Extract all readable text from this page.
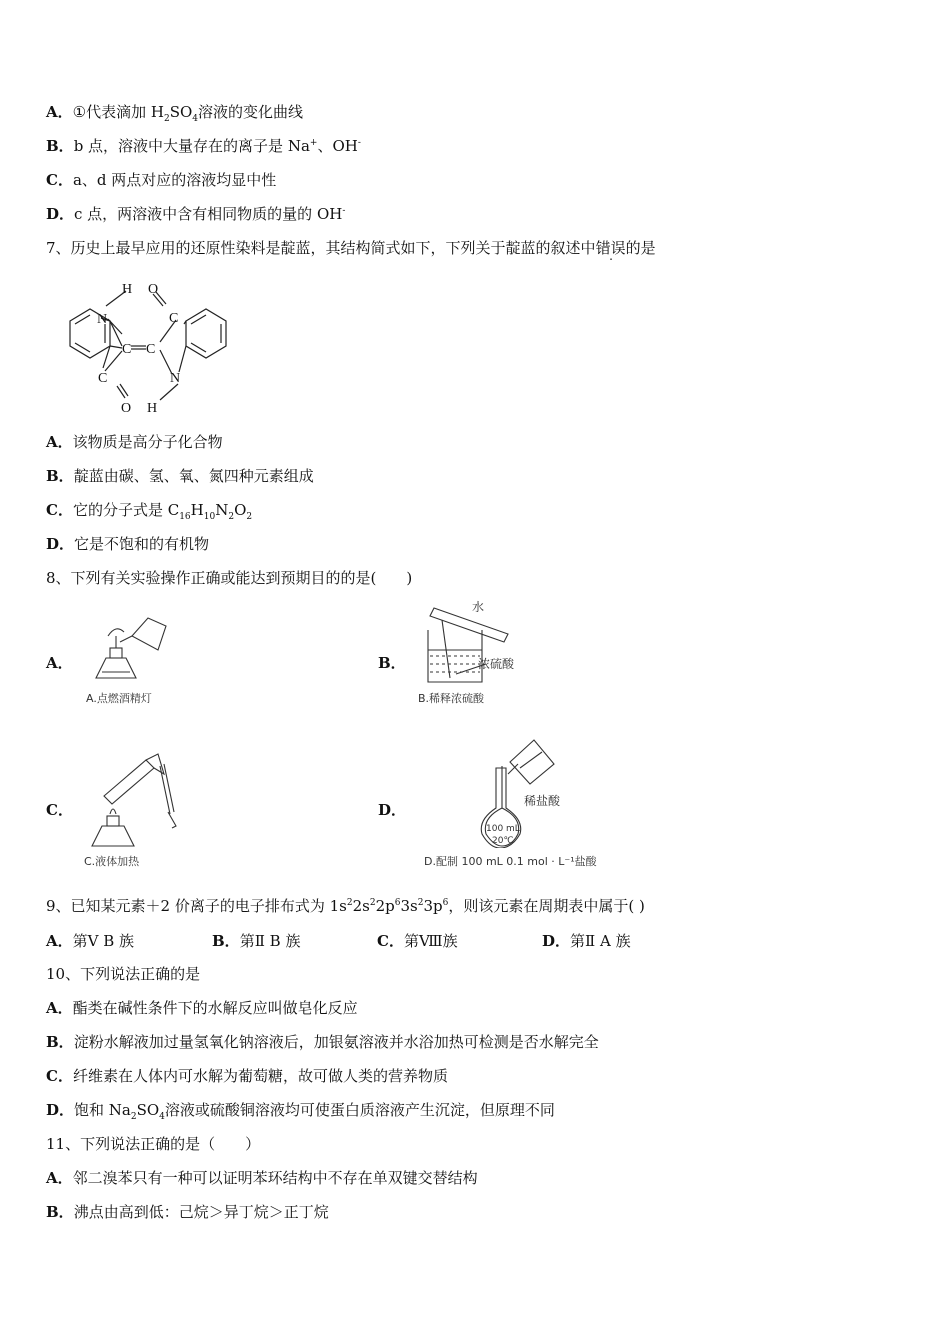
A．①代表滴加 $H_2SO_4$溶液的变化曲线
B．b 点，溶液中大量存在的离子是 Na+、OH-
C．a、d 两点对应的溶液均显中性
D．c 点，两溶液中含有相同物质的量的 OH-
7、历史上最早应用的还原性染料是靛蓝，其结构简式如下，下列关于靛蓝的叙述中错误的是
H O
N	C
C C
C	N
O H
A．该物质是高分子化合物
B．靛蓝由碳、氢、氧、氮四种元素组成
C．它的分子式是 $C_{16}H_{10}N_2O_2$
D．它是不饱和的有机物
8、下列有关实验操作正确或能达到预期目的的是(　　)
A．
A.点燃酒精灯
B．
水
浓硫酸
B.稀释浓硫酸
C．
C.液体加热
D．	稀盐酸
100 mL
20℃
D.配制 100 mL 0.1 mol · L⁻¹盐酸
9、已知某元素＋2 价离子的电子排布式为 $1s^22s^22p^63s^23p^6$，则该元素在周期表中属于( )
A．第Ⅴ B 族	B．第Ⅱ B 族	C．第Ⅷ族	D．第Ⅱ A 族
10、下列说法正确的是
A．酯类在碱性条件下的水解反应叫做皂化反应
B．淀粉水解液加过量氢氧化钠溶液后，加银氨溶液并水浴加热可检测是否水解完全
C．纤维素在人体内可水解为葡萄糖，故可做人类的营养物质
D．饱和 $Na_2SO_4$溶液或硫酸铜溶液均可使蛋白质溶液产生沉淀，但原理不同
11、下列说法正确的是（　　）
A．邻二溴苯只有一种可以证明苯环结构中不存在单双键交替结构
B．沸点由高到低：己烷＞异丁烷＞正丁烷
